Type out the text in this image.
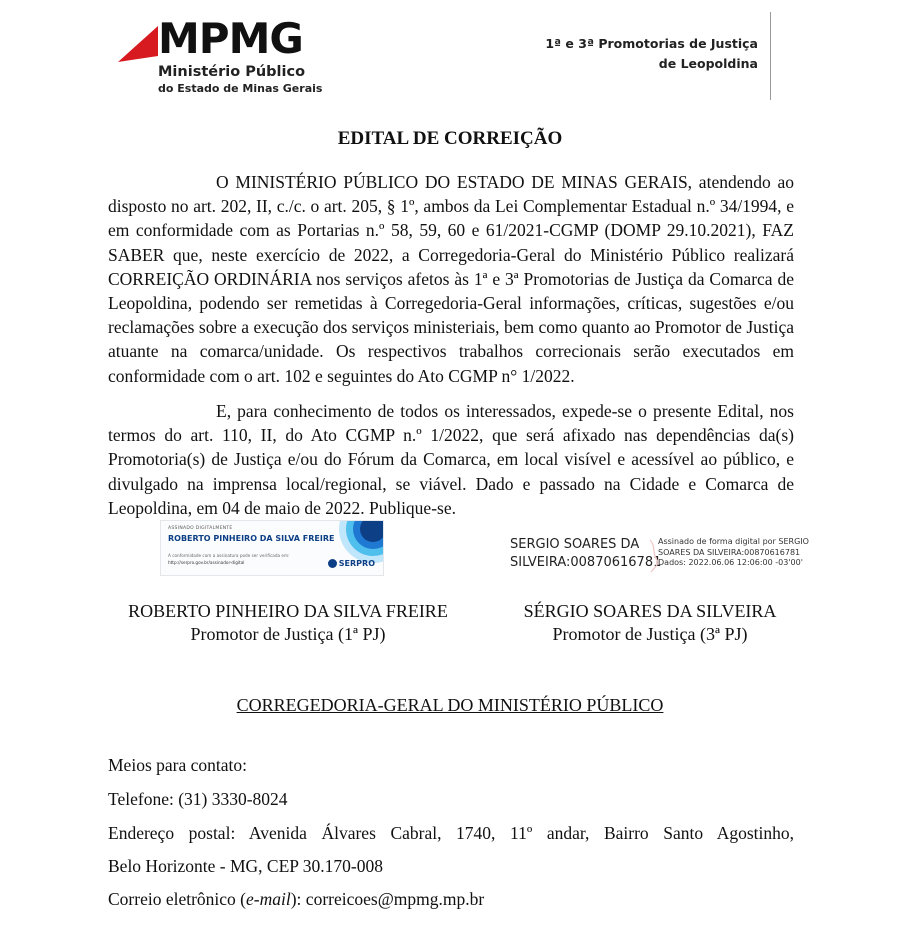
MPMG
Ministério Público
do Estado de Minas Gerais
1ª e 3ª Promotorias de Justiça
de Leopoldina
EDITAL DE CORREIÇÃO
O MINISTÉRIO PÚBLICO DO ESTADO DE MINAS GERAIS, atendendo ao disposto no art. 202, II, c./c. o art. 205, § 1º, ambos da Lei Complementar Estadual n.º 34/1994, e em conformidade com as Portarias n.º 58, 59, 60 e 61/2021-CGMP (DOMP 29.10.2021), FAZ SABER que, neste exercício de 2022, a Corregedoria-Geral do Ministério Público realizará CORREIÇÃO ORDINÁRIA nos serviços afetos às 1ª e 3ª Promotorias de Justiça da Comarca de Leopoldina, podendo ser remetidas à Corregedoria-Geral informações, críticas, sugestões e/ou reclamações sobre a execução dos serviços ministeriais, bem como quanto ao Promotor de Justiça atuante na comarca/unidade. Os respectivos trabalhos correcionais serão executados em conformidade com o art. 102 e seguintes do Ato CGMP n° 1/2022.
E, para conhecimento de todos os interessados, expede-se o presente Edital, nos termos do art. 110, II, do Ato CGMP n.º 1/2022, que será afixado nas dependências da(s) Promotoria(s) de Justiça e/ou do Fórum da Comarca, em local visível e acessível ao público, e divulgado na imprensa local/regional, se viável. Dado e passado na Cidade e Comarca de Leopoldina, em 04 de maio de 2022. Publique-se.
ASSINADO DIGITALMENTE
ROBERTO PINHEIRO DA SILVA FREIRE
A conformidade com a assinatura pode ser verificada em:
http://serpro.gov.br/assinador-digital	SERPRO
SERGIO SOARES DA
SILVEIRA:00870616781
Assinado de forma digital por SERGIO
SOARES DA SILVEIRA:00870616781
Dados: 2022.06.06 12:06:00 -03'00'
ROBERTO PINHEIRO DA SILVA FREIRE
Promotor de Justiça (1ª PJ)
SÉRGIO SOARES DA SILVEIRA
Promotor de Justiça (3ª PJ)
CORREGEDORIA-GERAL DO MINISTÉRIO PÚBLICO
Meios para contato:
Telefone: (31) 3330-8024
Endereço postal: Avenida Álvares Cabral, 1740, 11º andar, Bairro Santo Agostinho,
Belo Horizonte - MG, CEP 30.170-008
Correio eletrônico (e-mail): correicoes@mpmg.mp.br
